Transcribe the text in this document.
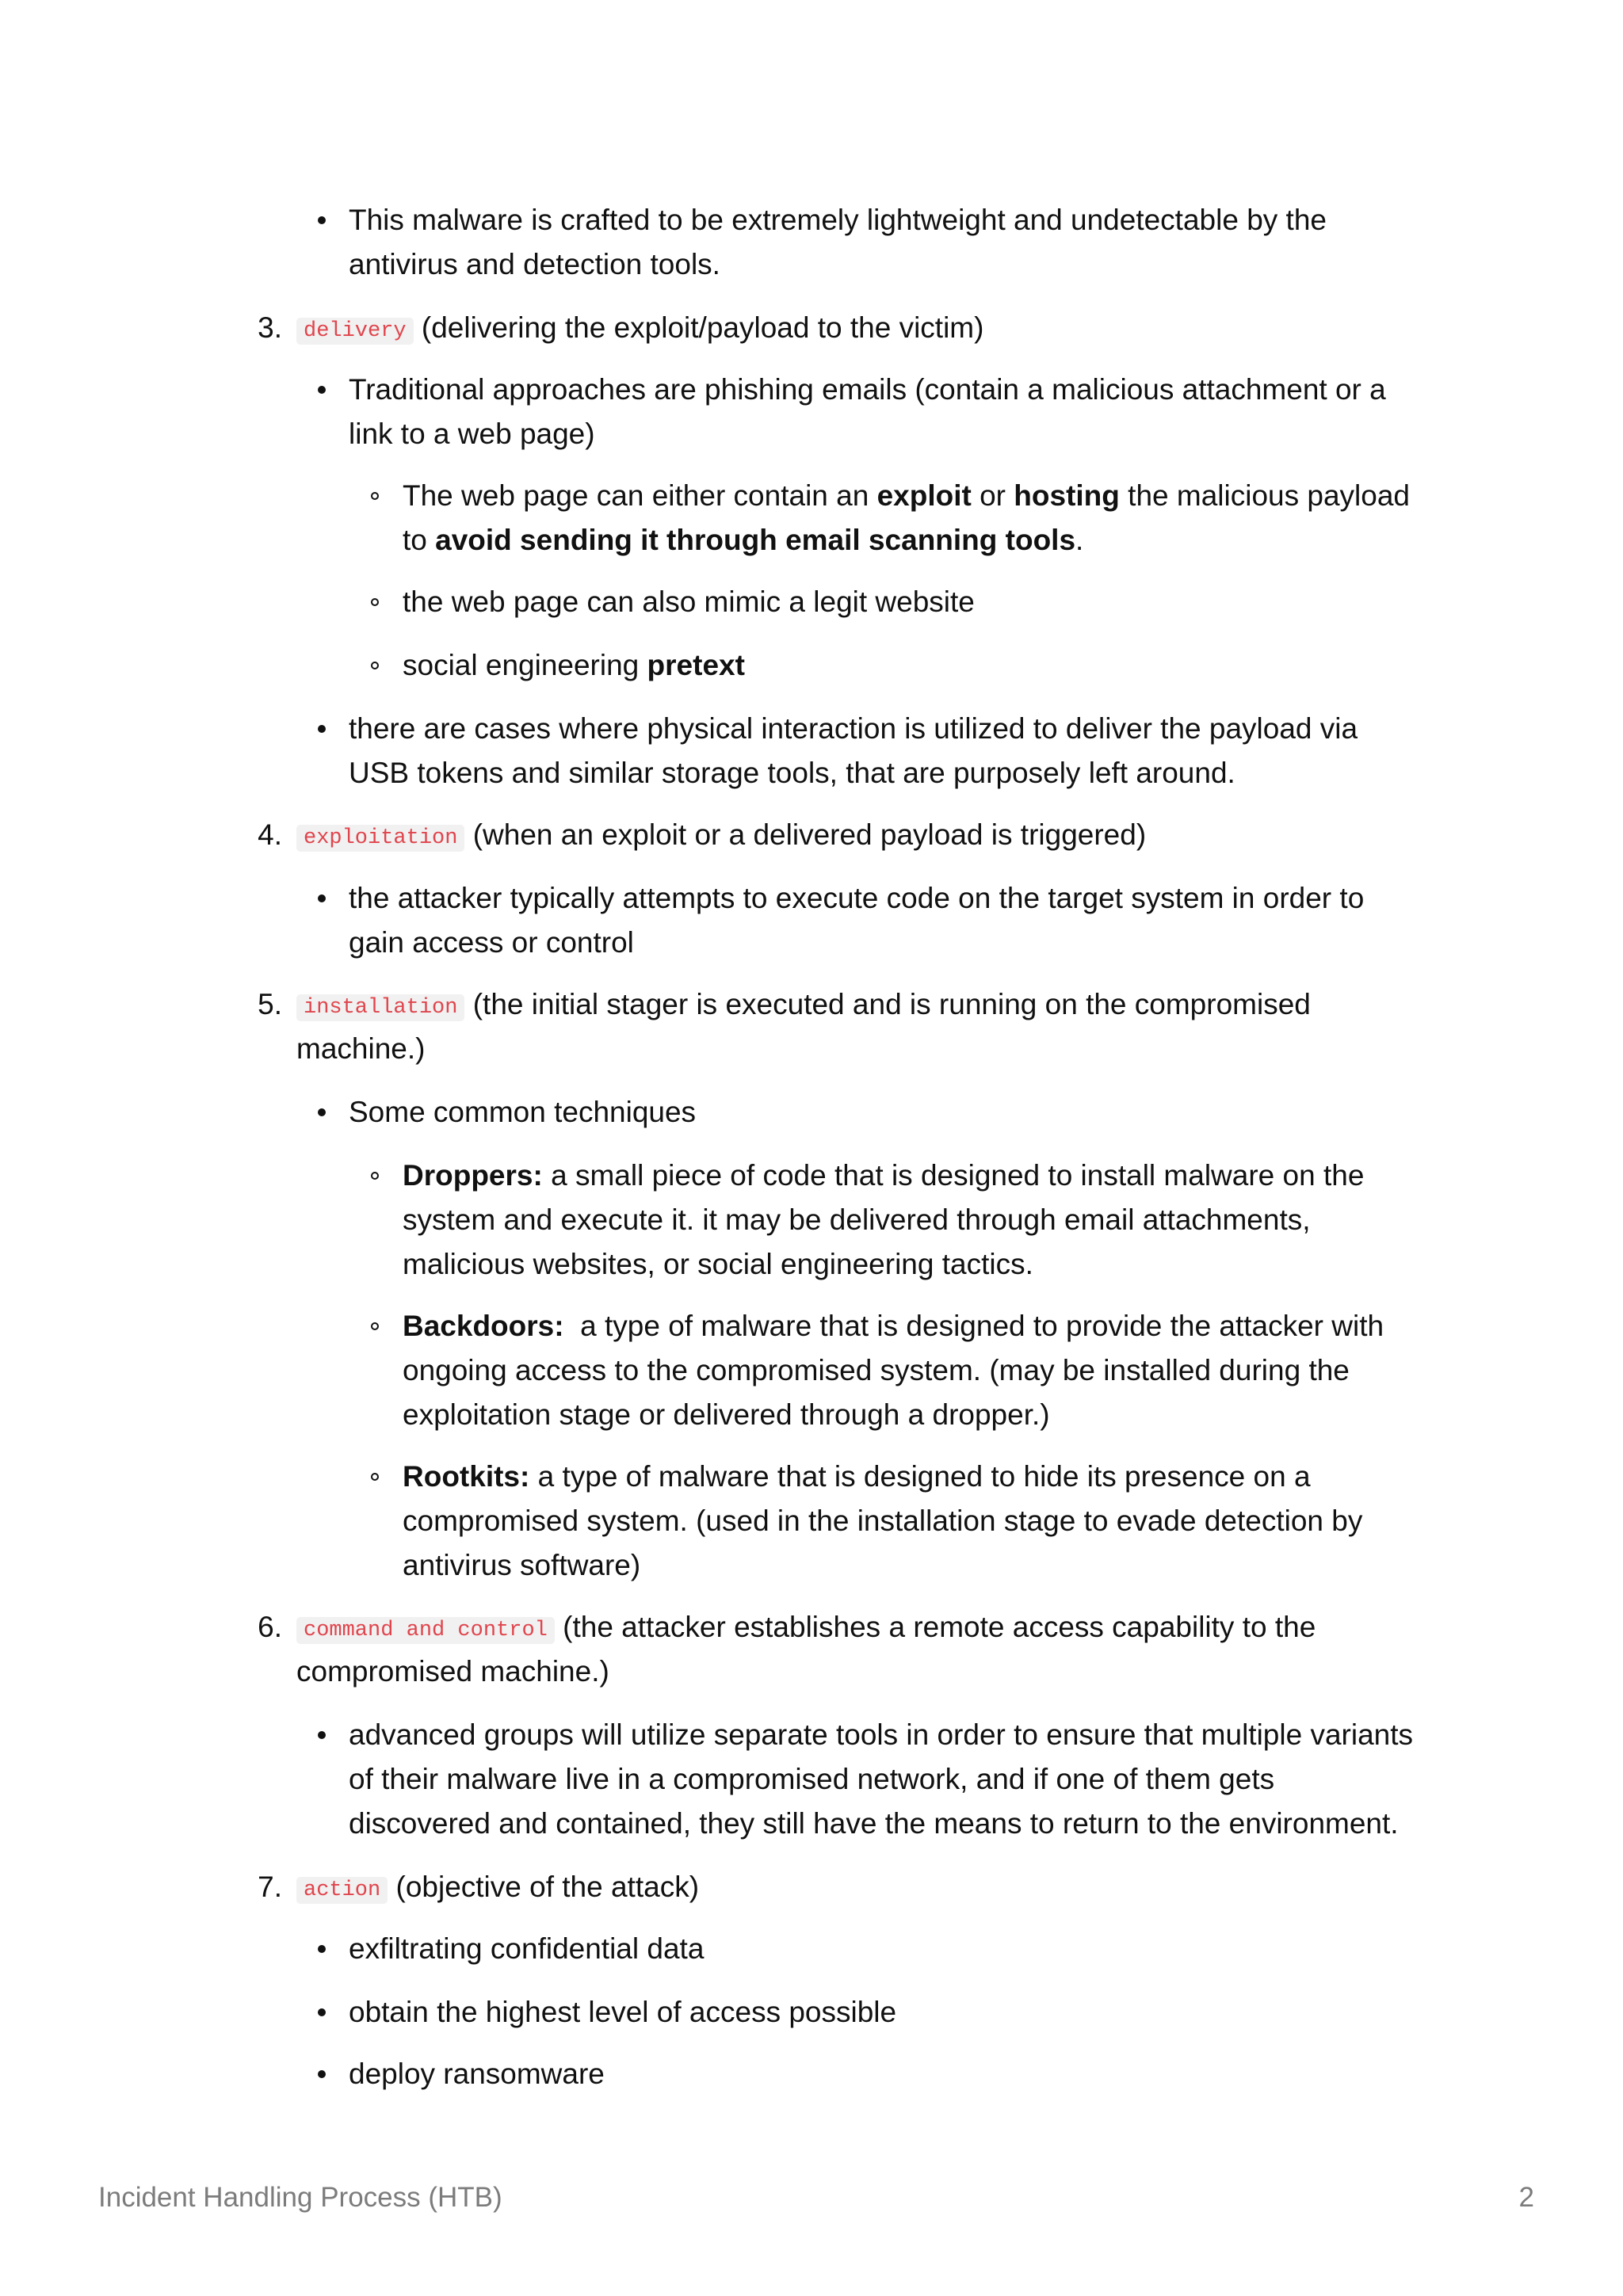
This malware is crafted to be extremely lightweight and undetectable by the
antivirus and detection tools.
3.	delivery (delivering the exploit/payload to the victim)
Traditional approaches are phishing emails (contain a malicious attachment or a
link to a web page)
The web page can either contain an exploit or hosting the malicious payload
to avoid sending it through email scanning tools.
the web page can also mimic a legit website
social engineering pretext
there are cases where physical interaction is utilized to deliver the payload via
USB tokens and similar storage tools, that are purposely left around.
4.	exploitation (when an exploit or a delivered payload is triggered)
the attacker typically attempts to execute code on the target system in order to
gain access or control
5.	installation (the initial stager is executed and is running on the compromised
machine.)
Some common techniques
Droppers: a small piece of code that is designed to install malware on the
system and execute it. it may be delivered through email attachments,
malicious websites, or social engineering tactics.
Backdoors:  a type of malware that is designed to provide the attacker with
ongoing access to the compromised system. (may be installed during the
exploitation stage or delivered through a dropper.)
Rootkits: a type of malware that is designed to hide its presence on a
compromised system. (used in the installation stage to evade detection by
antivirus software)
6.	command and control (the attacker establishes a remote access capability to the
compromised machine.)
advanced groups will utilize separate tools in order to ensure that multiple variants
of their malware live in a compromised network, and if one of them gets
discovered and contained, they still have the means to return to the environment.
7.	action (objective of the attack)
exfiltrating confidential data
obtain the highest level of access possible
deploy ransomware
Incident Handling Process (HTB)	2
